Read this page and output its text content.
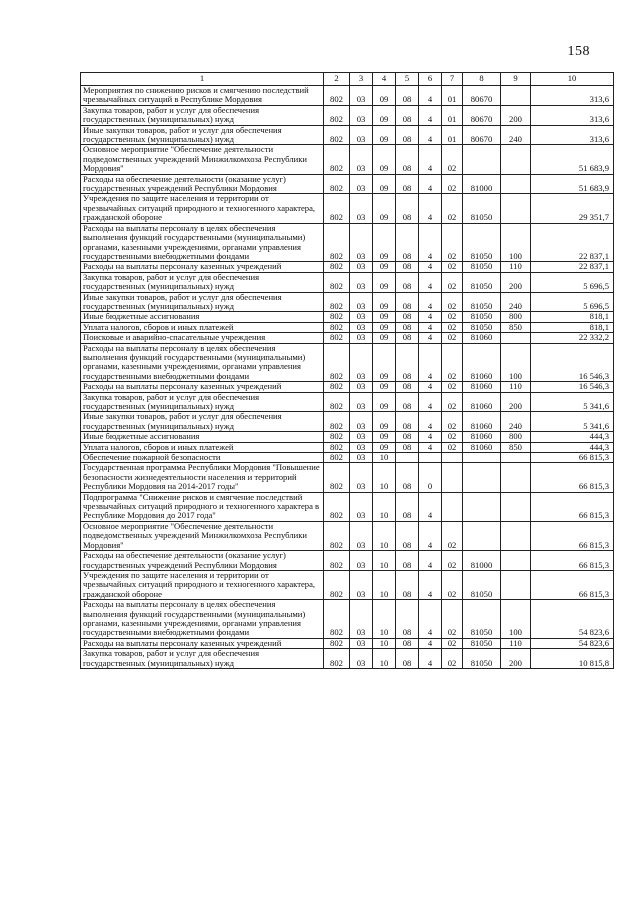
158
1	2	3	4	5	6	7	8	9	10
Мероприятия по снижению рисков и смягчению последствий чрезвычайных ситуаций в Республике Мордовия	802	03	09	08	4	01	80670		313,6
Закупка товаров, работ и услуг для обеспечения государственных (муниципальных) нужд	802	03	09	08	4	01	80670	200	313,6
Иные закупки товаров, работ и услуг для обеспечения государственных (муниципальных) нужд	802	03	09	08	4	01	80670	240	313,6
Основное мероприятие "Обеспечение деятельности подведомственных учреждений Минжилкомхоза Республики Мордовия"	802	03	09	08	4	02			51 683,9
Расходы на обеспечение деятельности (оказание услуг) государственных учреждений Республики Мордовия	802	03	09	08	4	02	81000		51 683,9
Учреждения по защите населения и территории от чрезвычайных ситуаций природного и техногенного характера, гражданской обороне	802	03	09	08	4	02	81050		29 351,7
Расходы на выплаты персоналу в целях обеспечения выполнения функций государственными (муниципальными) органами, казенными учреждениями, органами управления государственными внебюджетными фондами	802	03	09	08	4	02	81050	100	22 837,1
Расходы на выплаты персоналу казенных учреждений	802	03	09	08	4	02	81050	110	22 837,1
Закупка товаров, работ и услуг для обеспечения государственных (муниципальных) нужд	802	03	09	08	4	02	81050	200	5 696,5
Иные закупки товаров, работ и услуг для обеспечения государственных (муниципальных) нужд	802	03	09	08	4	02	81050	240	5 696,5
Иные бюджетные ассигнования	802	03	09	08	4	02	81050	800	818,1
Уплата налогов, сборов и иных платежей	802	03	09	08	4	02	81050	850	818,1
Поисковые и аварийно-спасательные учреждения	802	03	09	08	4	02	81060		22 332,2
Расходы на выплаты персоналу в целях обеспечения выполнения функций государственными (муниципальными) органами, казенными учреждениями, органами управления государственными внебюджетными фондами	802	03	09	08	4	02	81060	100	16 546,3
Расходы на выплаты персоналу казенных учреждений	802	03	09	08	4	02	81060	110	16 546,3
Закупка товаров, работ и услуг для обеспечения государственных (муниципальных) нужд	802	03	09	08	4	02	81060	200	5 341,6
Иные закупки товаров, работ и услуг для обеспечения государственных (муниципальных) нужд	802	03	09	08	4	02	81060	240	5 341,6
Иные бюджетные ассигнования	802	03	09	08	4	02	81060	800	444,3
Уплата налогов, сборов и иных платежей	802	03	09	08	4	02	81060	850	444,3
Обеспечение пожарной безопасности	802	03	10						66 815,3
Государственная программа Республики Мордовия "Повышение безопасности жизнедеятельности населения и территорий Республики Мордовия на 2014-2017 годы"	802	03	10	08	0				66 815,3
Подпрограмма "Снижение рисков и смягчение последствий чрезвычайных ситуаций природного и техногенного характера в Республике Мордовия до 2017 года"	802	03	10	08	4				66 815,3
Основное мероприятие "Обеспечение деятельности подведомственных учреждений Минжилкомхоза Республики Мордовия"	802	03	10	08	4	02			66 815,3
Расходы на обеспечение деятельности (оказание услуг) государственных учреждений Республики Мордовия	802	03	10	08	4	02	81000		66 815,3
Учреждения по защите населения и территории от чрезвычайных ситуаций природного и техногенного характера, гражданской обороне	802	03	10	08	4	02	81050		66 815,3
Расходы на выплаты персоналу в целях обеспечения выполнения функций государственными (муниципальными) органами, казенными учреждениями, органами управления государственными внебюджетными фондами	802	03	10	08	4	02	81050	100	54 823,6
Расходы на выплаты персоналу казенных учреждений	802	03	10	08	4	02	81050	110	54 823,6
Закупка товаров, работ и услуг для обеспечения государственных (муниципальных) нужд	802	03	10	08	4	02	81050	200	10 815,8
